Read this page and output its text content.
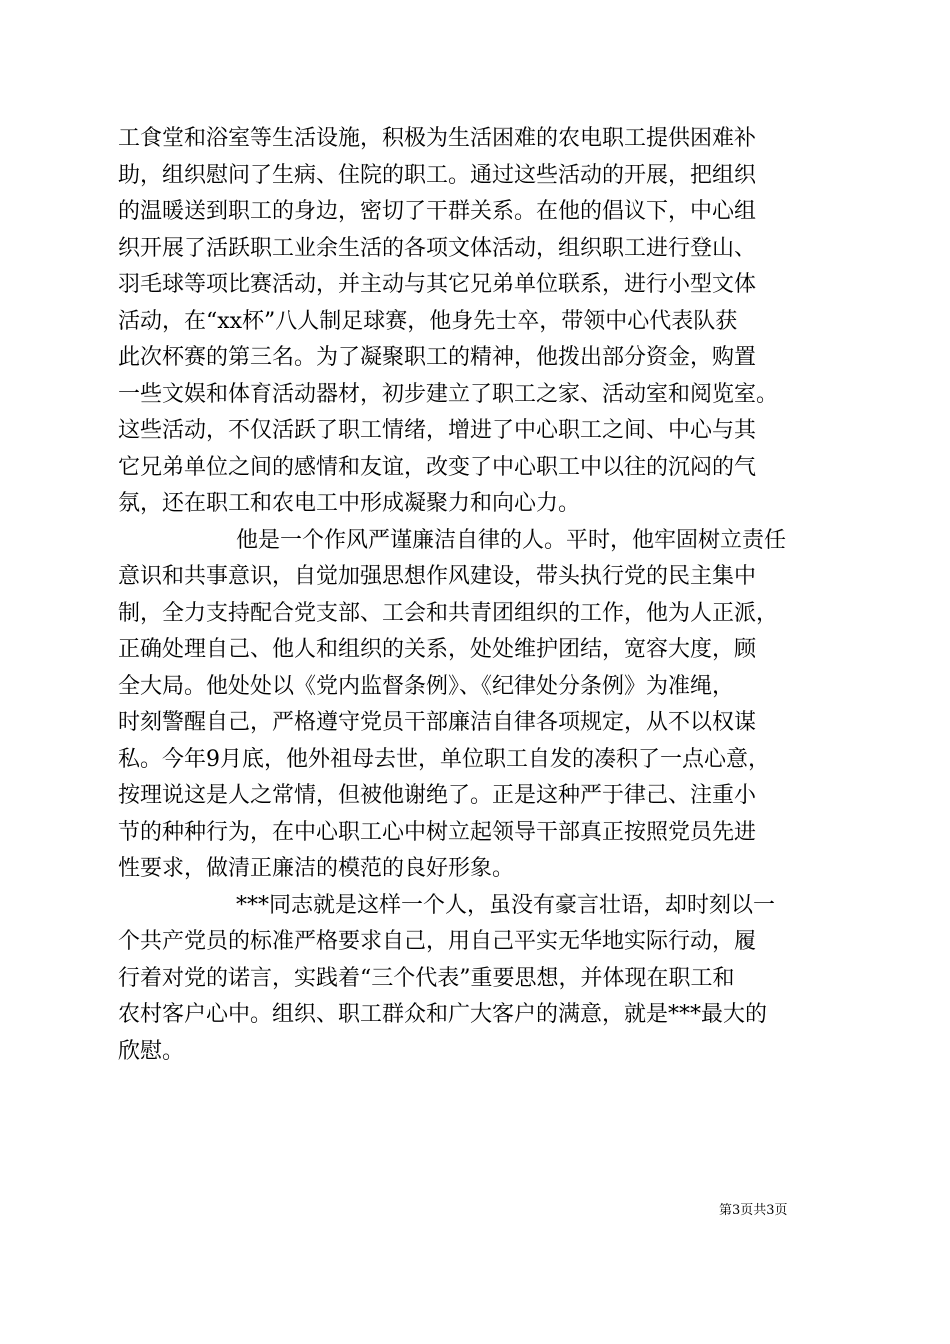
工食堂和浴室等生活设施，积极为生活困难的农电职工提供困难补
助，组织慰问了生病、住院的职工。通过这些活动的开展，把组织
的温暖送到职工的身边，密切了干群关系。在他的倡议下，中心组
织开展了活跃职工业余生活的各项文体活动，组织职工进行登山、
羽毛球等项比赛活动，并主动与其它兄弟单位联系，进行小型文体
活动，在“xx杯”八人制足球赛，他身先士卒，带领中心代表队获
此次杯赛的第三名。为了凝聚职工的精神，他拨出部分资金，购置
一些文娱和体育活动器材，初步建立了职工之家、活动室和阅览室。
这些活动，不仅活跃了职工情绪，增进了中心职工之间、中心与其
它兄弟单位之间的感情和友谊，改变了中心职工中以往的沉闷的气
氛，还在职工和农电工中形成凝聚力和向心力。
他是一个作风严谨廉洁自律的人。平时，他牢固树立责任
意识和共事意识，自觉加强思想作风建设，带头执行党的民主集中
制，全力支持配合党支部、工会和共青团组织的工作，他为人正派，
正确处理自己、他人和组织的关系，处处维护团结，宽容大度，顾
全大局。他处处以《党内监督条例》、《纪律处分条例》为准绳，
时刻警醒自己，严格遵守党员干部廉洁自律各项规定，从不以权谋
私。今年9月底，他外祖母去世，单位职工自发的凑积了一点心意，
按理说这是人之常情，但被他谢绝了。正是这种严于律己、注重小
节的种种行为，在中心职工心中树立起领导干部真正按照党员先进
性要求，做清正廉洁的模范的良好形象。
***同志就是这样一个人，虽没有豪言壮语，却时刻以一
个共产党员的标准严格要求自己，用自己平实无华地实际行动，履
行着对党的诺言，实践着“三个代表”重要思想，并体现在职工和
农村客户心中。组织、职工群众和广大客户的满意，就是***最大的
欣慰。
第3页共3页
